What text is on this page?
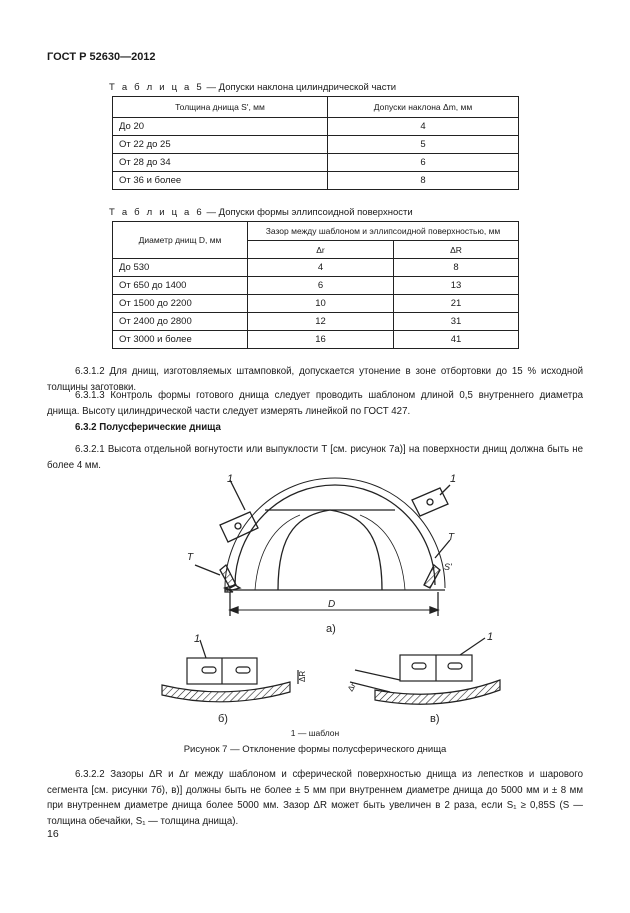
ГОСТ Р 52630—2012
Т а б л и ц а 5 — Допуски наклона цилиндрической части
Толщина днища S', мм	Допуски наклона Δm, мм
До 20	4
От 22 до 25	5
От 28 до 34	6
От 36 и более	8
Т а б л и ц а 6 — Допуски формы эллипсоидной поверхности
Диаметр днищ D, мм	Зазор между шаблоном и эллипсоидной поверхностью, мм	
	Δr	ΔR
До 530	4	8
От 650 до 1400	6	13
От 1500 до 2200	10	21
От 2400 до 2800	12	31
От 3000 и более	16	41
6.3.1.2 Для днищ, изготовляемых штамповкой, допускается утонение в зоне отбортовки до 15 % исходной толщины заготовки.
6.3.1.3 Контроль формы готового днища следует проводить шаблоном длиной 0,5 внутреннего диаметра днища. Высоту цилиндрической части следует измерять линейкой по ГОСТ 427.
6.3.2 Полусферические днища
6.3.2.1 Высота отдельной вогнутости или выпуклости T [см. рисунок 7а)] на поверхности днищ должна быть не более 4 мм.
1	1
T
T
S'
D
а)
1	1
ΔR
Δr
б)	в)
1 — шаблон
Рисунок 7 — Отклонение формы полусферического днища
6.3.2.2 Зазоры ΔR и Δr между шаблоном и сферической поверхностью днища из лепестков и шарового сегмента [см. рисунки 7б), в)] должны быть не более ± 5 мм при внутреннем диаметре днища до 5000 мм и ± 8 мм при внутреннем диаметре днища более 5000 мм. Зазор ΔR может быть увеличен в 2 раза, если S₁ ≥ 0,85S (S — толщина обечайки, S₁ — толщина днища).
16
